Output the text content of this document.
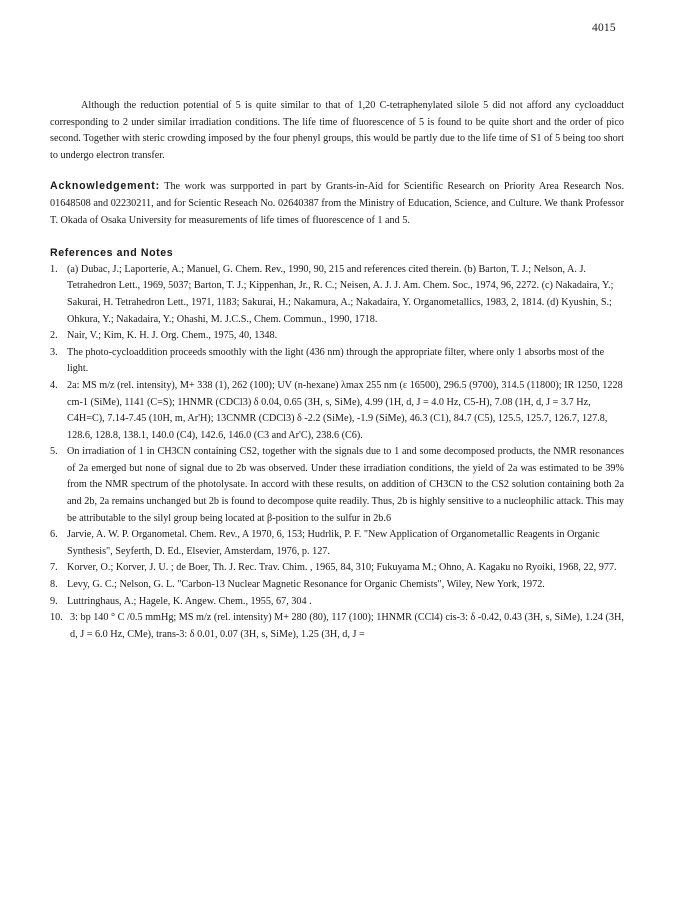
4015

Although the reduction potential of 5 is quite similar to that of 1,20 C-tetraphenylated silole 5 did not afford any cycloadduct corresponding to 2 under similar irradiation conditions. The life time of fluorescence of 5 is found to be quite short and the order of pico second. Together with steric crowding imposed by the four phenyl groups, this would be partly due to the life time of S1 of 5 being too short to undergo electron transfer.

Acknowledgement: The work was surpported in part by Grants-in-Aid for Scientific Research on Priority Area Research Nos. 01648508 and 02230211, and for Scientic Reseach No. 02640387 from the Ministry of Education, Science, and Culture. We thank Professor T. Okada of Osaka University for measurements of life times of fluorescence of 1 and 5.

References and Notes
1. (a) Dubac, J.; Laporterie, A.; Manuel, G. Chem. Rev., 1990, 90, 215 and references cited therein. (b) Barton, T. J.; Nelson, A. J. Tetrahedron Lett., 1969, 5037; Barton, T. J.; Kippenhan, Jr., R. C.; Neisen, A. J. J. Am. Chem. Soc., 1974, 96, 2272. (c) Nakadaira, Y.; Sakurai, H. Tetrahedron Lett., 1971, 1183; Sakurai, H.; Nakamura, A.; Nakadaira, Y. Organometallics, 1983, 2, 1814. (d) Kyushin, S.; Ohkura, Y.; Nakadaira, Y.; Ohashi, M. J.C.S., Chem. Commun., 1990, 1718.
2. Nair, V.; Kim, K. H. J. Org. Chem., 1975, 40, 1348.
3. The photo-cycloaddition proceeds smoothly with the light (436 nm) through the appropriate filter, where only 1 absorbs most of the light.
4. 2a: MS m/z (rel. intensity), M+ 338 (1), 262 (100); UV (n-hexane) λmax 255 nm (ε 16500), 296.5 (9700), 314.5 (11800); IR 1250, 1228 cm-1 (SiMe), 1141 (C=S); 1HNMR (CDCl3) δ 0.04, 0.65 (3H, s, SiMe), 4.99 (1H, d, J = 4.0 Hz, C5-H), 7.08 (1H, d, J = 3.7 Hz, C4H=C), 7.14-7.45 (10H, m, Ar'H); 13CNMR (CDCl3) δ -2.2 (SiMe), -1.9 (SiMe), 46.3 (C1), 84.7 (C5), 125.5, 125.7, 126.7, 127.8, 128.6, 128.8, 138.1, 140.0 (C4), 142.6, 146.0 (C3 and Ar'C), 238.6 (C6).
5. On irradiation of 1 in CH3CN containing CS2, together with the signals due to 1 and some decomposed products, the NMR resonances of 2a emerged but none of signal due to 2b was observed. Under these irradiation conditions, the yield of 2a was estimated to be 39% from the NMR spectrum of the photolysate. In accord with these results, on addition of CH3CN to the CS2 solution containing both 2a and 2b, 2a remains unchanged but 2b is found to decompose quite readily. Thus, 2b is highly sensitive to a nucleophilic attack. This may be attributable to the silyl group being located at β-position to the sulfur in 2b.6
6. Jarvie, A. W. P. Organometal. Chem. Rev., A 1970, 6, 153; Hudrlik, P. F. "New Application of Organometallic Reagents in Organic Synthesis", Seyferth, D. Ed., Elsevier, Amsterdam, 1976, p. 127.
7. Korver, O.; Korver, J. U. ; de Boer, Th. J. Rec. Trav. Chim. , 1965, 84, 310; Fukuyama M.; Ohno, A. Kagaku no Ryoiki, 1968, 22, 977.
8. Levy, G. C.; Nelson, G. L. "Carbon-13 Nuclear Magnetic Resonance for Organic Chemists", Wiley, New York, 1972.
9. Luttringhaus, A.; Hagele, K. Angew. Chem., 1955, 67, 304 .
10. 3: bp 140 ° C /0.5 mmHg; MS m/z (rel. intensity) M+ 280 (80), 117 (100); 1HNMR (CCl4) cis-3: δ -0.42, 0.43 (3H, s, SiMe), 1.24 (3H, d, J = 6.0 Hz, CMe), trans-3: δ 0.01, 0.07 (3H, s, SiMe), 1.25 (3H, d, J =
